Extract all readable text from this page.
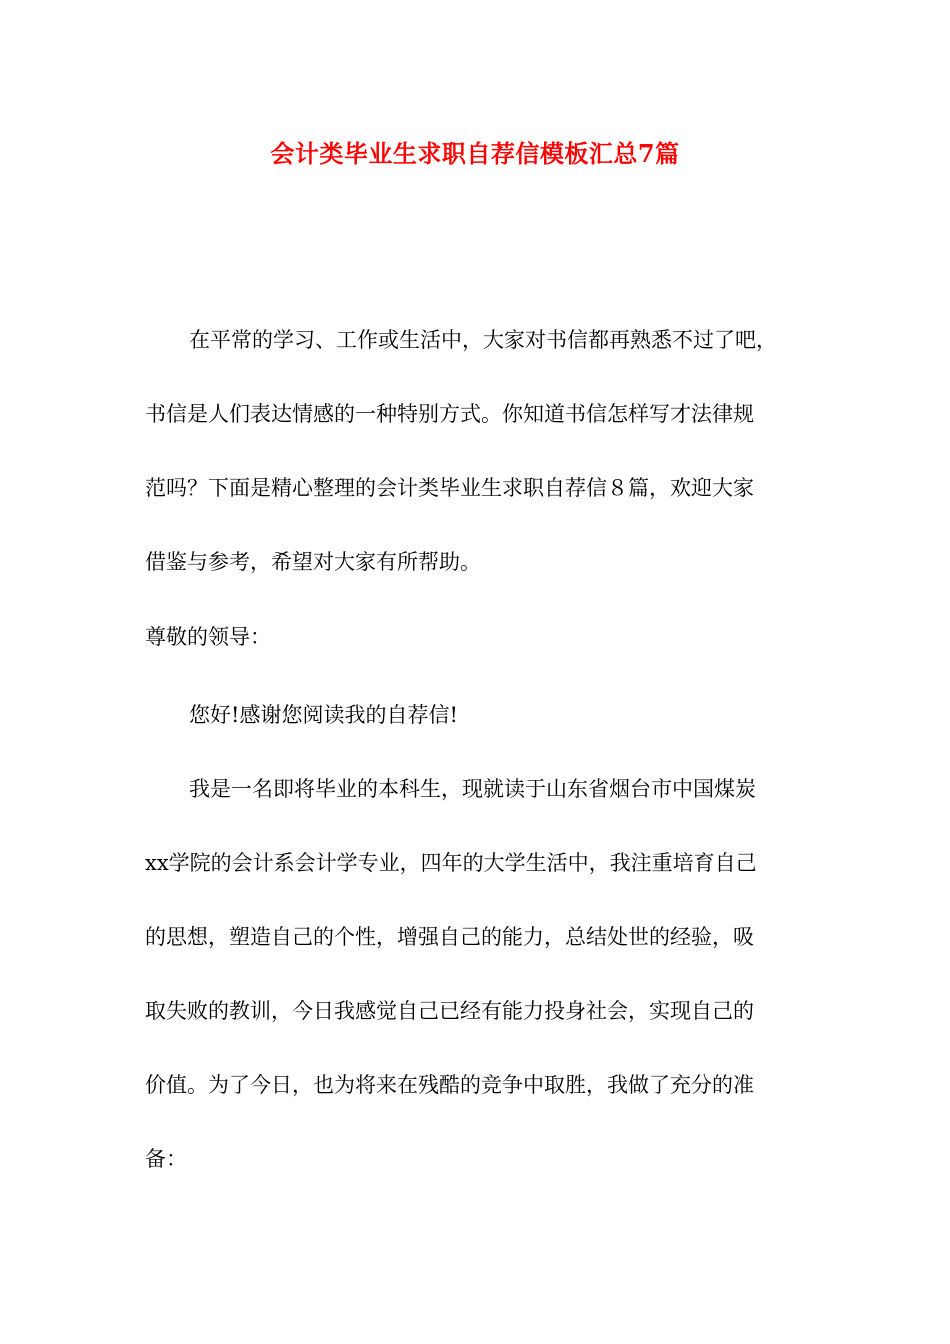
会计类毕业生求职自荐信模板汇总7篇
在平常的学习、工作或生活中，大家对书信都再熟悉不过了吧，
书信是人们表达情感的一种特别方式。你知道书信怎样写才法律规
范吗？下面是精心整理的会计类毕业生求职自荐信８篇，欢迎大家
借鉴与参考，希望对大家有所帮助。
尊敬的领导：
您好!感谢您阅读我的自荐信!
我是一名即将毕业的本科生，现就读于山东省烟台市中国煤炭
xx学院的会计系会计学专业，四年的大学生活中，我注重培育自己
的思想，塑造自己的个性，增强自己的能力，总结处世的经验，吸
取失败的教训，今日我感觉自己已经有能力投身社会，实现自己的
价值。为了今日，也为将来在残酷的竞争中取胜，我做了充分的准
备：
